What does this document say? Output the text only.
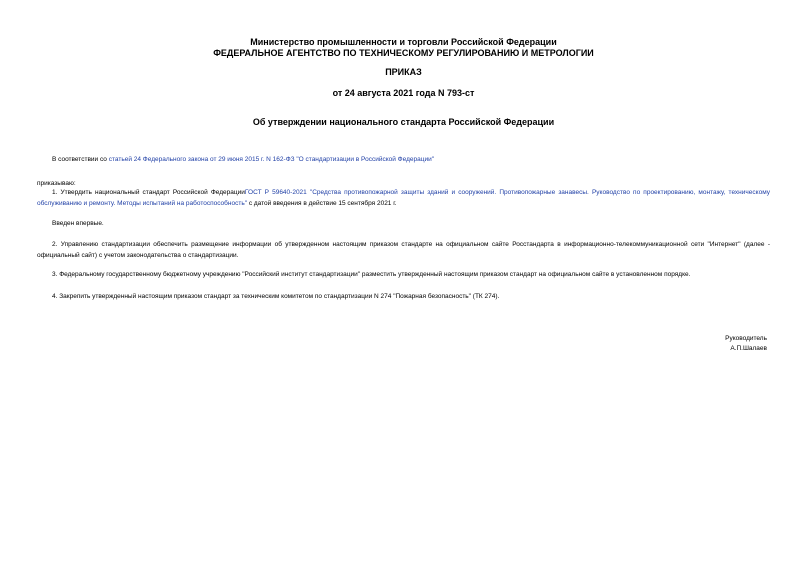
Министерство промышленности и торговли Российской Федерации
ФЕДЕРАЛЬНОЕ АГЕНТСТВО ПО ТЕХНИЧЕСКОМУ РЕГУЛИРОВАНИЮ И МЕТРОЛОГИИ
ПРИКАЗ
от 24 августа 2021 года N 793-ст
Об утверждении национального стандарта Российской Федерации
В соответствии со статьей 24 Федерального закона от 29 июня 2015 г. N 162-ФЗ "О стандартизации в Российской Федерации"
приказываю:
1. Утвердить национальный стандарт Российской ФедерацииГОСТ Р 59640-2021 "Средства противопожарной защиты зданий и сооружений. Противопожарные занавесы. Руководство по проектированию, монтажу, техническому обслуживанию и ремонту. Методы испытаний на работоспособность" с датой введения в действие 15 сентября 2021 г.
Введен впервые.
2. Управлению стандартизации обеспечить размещение информации об утвержденном настоящим приказом стандарте на официальном сайте Росстандарта в информационно-телекоммуникационной сети "Интернет" (далее - официальный сайт) с учетом законодательства о стандартизации.
3. Федеральному государственному бюджетному учреждению "Российский институт стандартизации" разместить утвержденный настоящим приказом стандарт на официальном сайте в установленном порядке.
4. Закрепить утвержденный настоящим приказом стандарт за техническим комитетом по стандартизации N 274 "Пожарная безопасность" (ТК 274).
Руководитель
А.П.Шалаев
